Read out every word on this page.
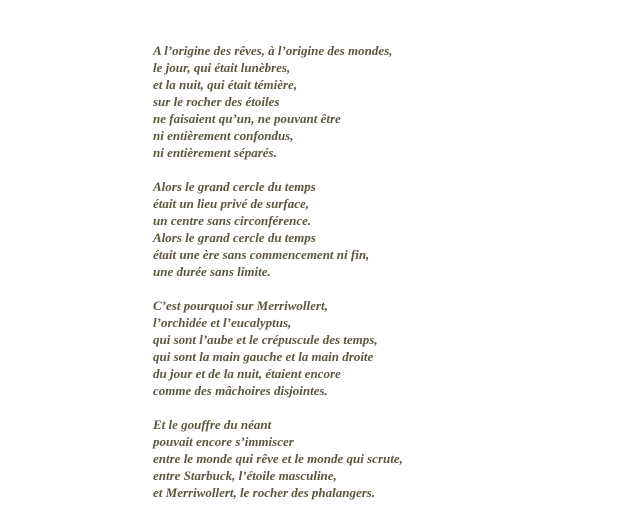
A l’origine des rêves, à l’origine des mondes,
le jour, qui était lunèbres,
et la nuit, qui était témière,
sur le rocher des étoiles
ne faisaient qu’un, ne pouvant être
ni entièrement confondus,
ni entièrement séparés.
Alors le grand cercle du temps
était un lieu privé de surface,
un centre sans circonférence.
Alors le grand cercle du temps
était une ère sans commencement ni fin,
une durée sans limite.
C’est pourquoi sur Merriwollert,
l’orchidée et l’eucalyptus,
qui sont l’aube et le crépuscule des temps,
qui sont la main gauche et la main droite
du jour et de la nuit, étaient encore
comme des mâchoires disjointes.
Et le gouffre du néant
pouvait encore s’immiscer
entre le monde qui rêve et le monde qui scrute,
entre Starbuck, l’étoile masculine,
et Merriwollert, le rocher des phalangers.
